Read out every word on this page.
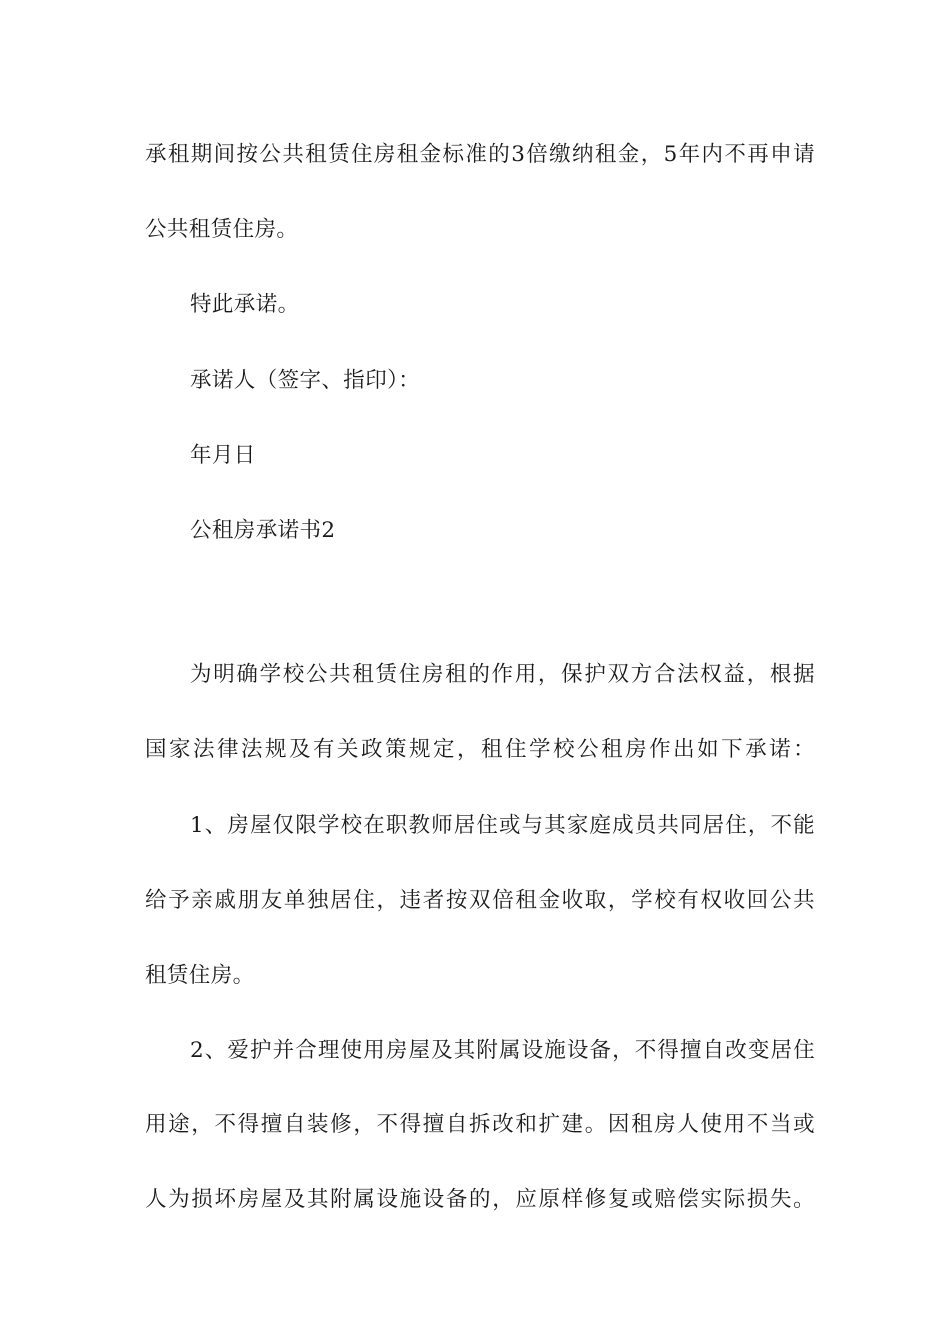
承租期间按公共租赁住房租金标准的3倍缴纳租金，5年内不再申请
公共租赁住房。
特此承诺。
承诺人（签字、指印）：
年月日
公租房承诺书2
为明确学校公共租赁住房租的作用，保护双方合法权益，根据
国家法律法规及有关政策规定，租住学校公租房作出如下承诺：
1、房屋仅限学校在职教师居住或与其家庭成员共同居住，不能
给予亲戚朋友单独居住，违者按双倍租金收取，学校有权收回公共
租赁住房。
2、爱护并合理使用房屋及其附属设施设备，不得擅自改变居住
用途，不得擅自装修，不得擅自拆改和扩建。因租房人使用不当或
人为损坏房屋及其附属设施设备的，应原样修复或赔偿实际损失。
